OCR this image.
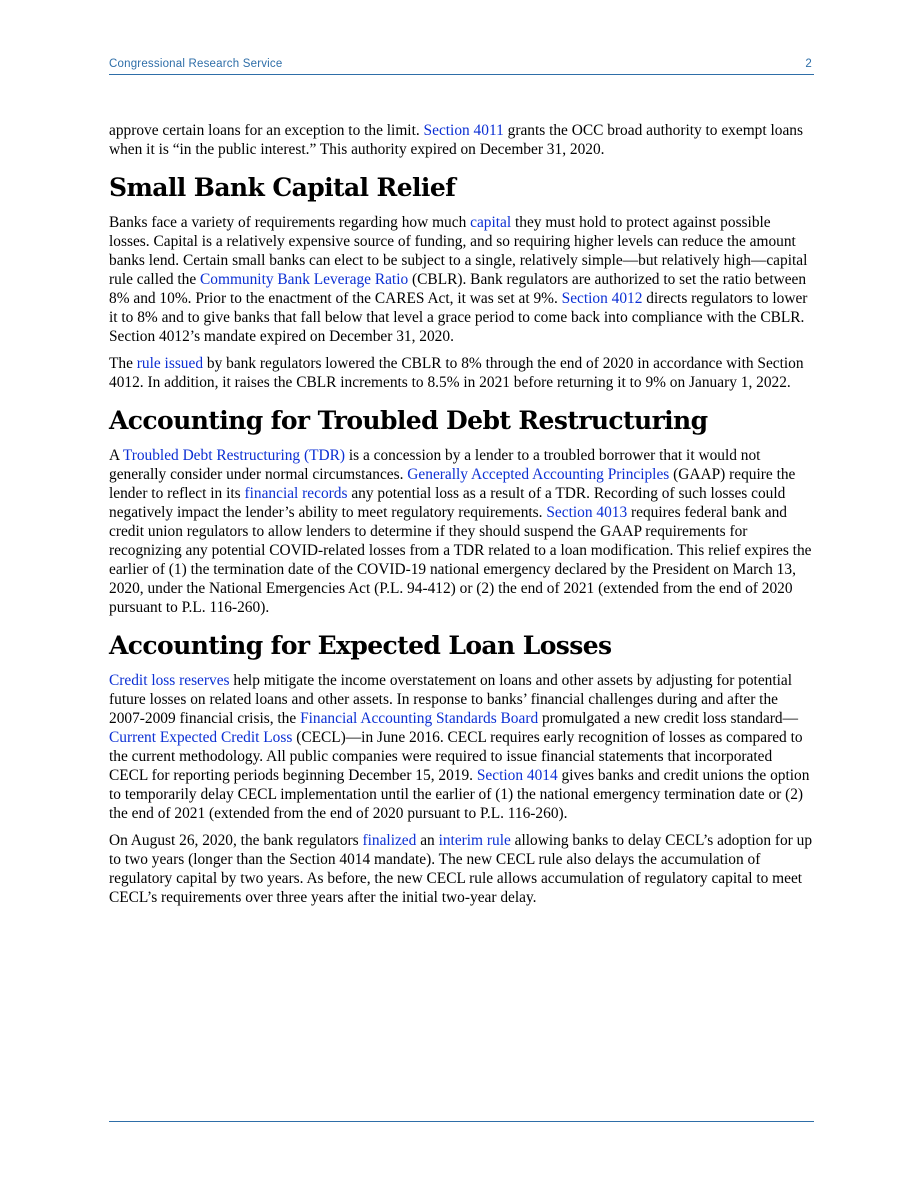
Congressional Research Service	2

approve certain loans for an exception to the limit. Section 4011 grants the OCC broad authority to exempt loans when it is “in the public interest.” This authority expired on December 31, 2020.

Small Bank Capital Relief

Banks face a variety of requirements regarding how much capital they must hold to protect against possible losses. Capital is a relatively expensive source of funding, and so requiring higher levels can reduce the amount banks lend. Certain small banks can elect to be subject to a single, relatively simple—but relatively high—capital rule called the Community Bank Leverage Ratio (CBLR). Bank regulators are authorized to set the ratio between 8% and 10%. Prior to the enactment of the CARES Act, it was set at 9%. Section 4012 directs regulators to lower it to 8% and to give banks that fall below that level a grace period to come back into compliance with the CBLR. Section 4012’s mandate expired on December 31, 2020.

The rule issued by bank regulators lowered the CBLR to 8% through the end of 2020 in accordance with Section 4012. In addition, it raises the CBLR increments to 8.5% in 2021 before returning it to 9% on January 1, 2022.

Accounting for Troubled Debt Restructuring

A Troubled Debt Restructuring (TDR) is a concession by a lender to a troubled borrower that it would not generally consider under normal circumstances. Generally Accepted Accounting Principles (GAAP) require the lender to reflect in its financial records any potential loss as a result of a TDR. Recording of such losses could negatively impact the lender’s ability to meet regulatory requirements. Section 4013 requires federal bank and credit union regulators to allow lenders to determine if they should suspend the GAAP requirements for recognizing any potential COVID-related losses from a TDR related to a loan modification. This relief expires the earlier of (1) the termination date of the COVID-19 national emergency declared by the President on March 13, 2020, under the National Emergencies Act (P.L. 94-412) or (2) the end of 2021 (extended from the end of 2020 pursuant to P.L. 116-260).

Accounting for Expected Loan Losses

Credit loss reserves help mitigate the income overstatement on loans and other assets by adjusting for potential future losses on related loans and other assets. In response to banks’ financial challenges during and after the 2007-2009 financial crisis, the Financial Accounting Standards Board promulgated a new credit loss standard—Current Expected Credit Loss (CECL)—in June 2016. CECL requires early recognition of losses as compared to the current methodology. All public companies were required to issue financial statements that incorporated CECL for reporting periods beginning December 15, 2019. Section 4014 gives banks and credit unions the option to temporarily delay CECL implementation until the earlier of (1) the national emergency termination date or (2) the end of 2021 (extended from the end of 2020 pursuant to P.L. 116-260).

On August 26, 2020, the bank regulators finalized an interim rule allowing banks to delay CECL’s adoption for up to two years (longer than the Section 4014 mandate). The new CECL rule also delays the accumulation of regulatory capital by two years. As before, the new CECL rule allows accumulation of regulatory capital to meet CECL’s requirements over three years after the initial two-year delay.
